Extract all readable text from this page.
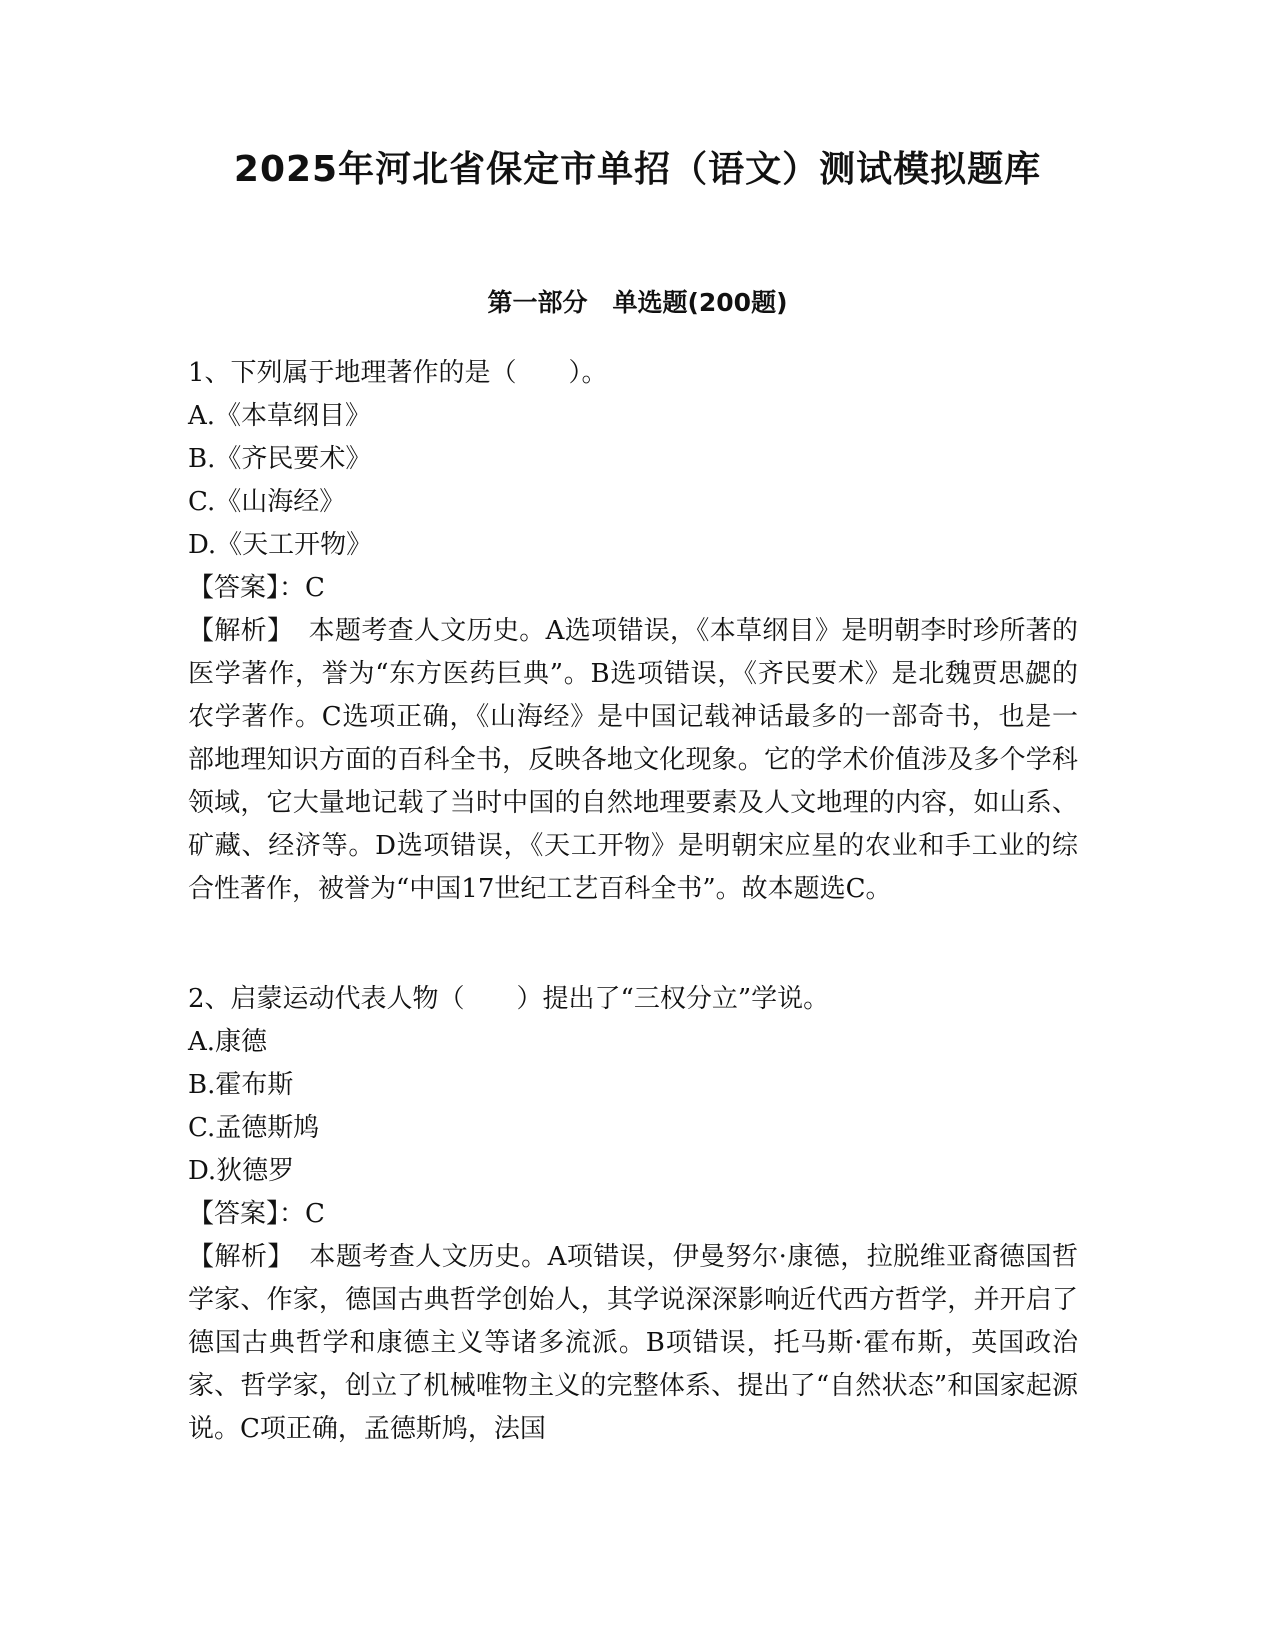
2025年河北省保定市单招（语文）测试模拟题库
第一部分　单选题(200题)
1、下列属于地理著作的是（　　）。
A.《本草纲目》
B.《齐民要术》
C.《山海经》
D.《天工开物》
【答案】：C
【解析】　本题考查人文历史。A选项错误，《本草纲目》是明朝李时珍所著的医学著作，誉为“东方医药巨典”。B选项错误，《齐民要术》是北魏贾思勰的农学著作。C选项正确，《山海经》是中国记载神话最多的一部奇书，也是一部地理知识方面的百科全书，反映各地文化现象。它的学术价值涉及多个学科领域，它大量地记载了当时中国的自然地理要素及人文地理的内容，如山系、矿藏、经济等。D选项错误，《天工开物》是明朝宋应星的农业和手工业的综合性著作，被誉为“中国17世纪工艺百科全书”。故本题选C。
2、启蒙运动代表人物（　　）提出了“三权分立”学说。
A.康德
B.霍布斯
C.孟德斯鸠
D.狄德罗
【答案】：C
【解析】　本题考查人文历史。A项错误，伊曼努尔·康德，拉脱维亚裔德国哲学家、作家，德国古典哲学创始人，其学说深深影响近代西方哲学，并开启了德国古典哲学和康德主义等诸多流派。B项错误，托马斯·霍布斯，英国政治家、哲学家，创立了机械唯物主义的完整体系、提出了“自然状态”和国家起源说。C项正确，孟德斯鸠，法国
